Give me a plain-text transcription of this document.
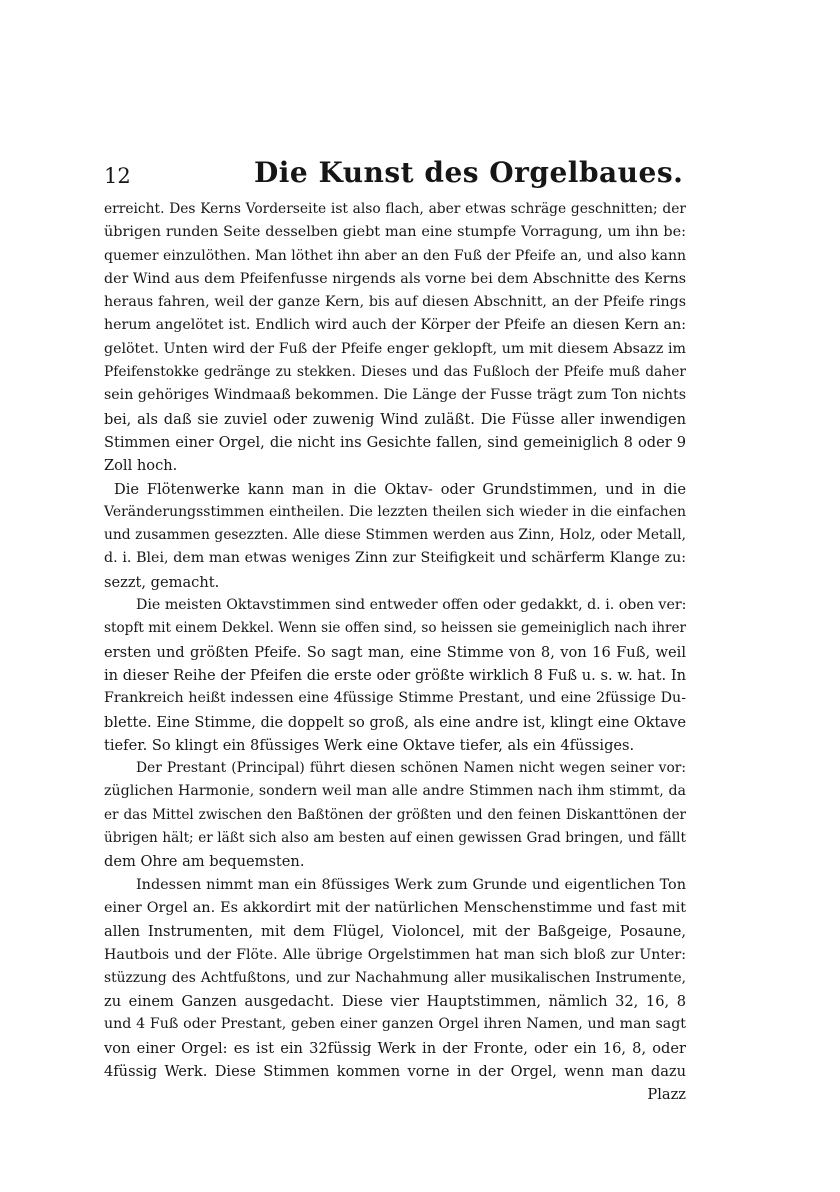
12	Die Kunst des Orgelbaues.
erreicht. Des Kerns Vorderseite ist also flach, aber etwas schräge geschnitten; der
übrigen runden Seite desselben giebt man eine stumpfe Vorragung, um ihn be:
quemer einzulöthen. Man löthet ihn aber an den Fuß der Pfeife an, und also kann
der Wind aus dem Pfeifenfusse nirgends als vorne bei dem Abschnitte des Kerns
heraus fahren, weil der ganze Kern, bis auf diesen Abschnitt, an der Pfeife rings
herum angelötet ist. Endlich wird auch der Körper der Pfeife an diesen Kern an:
gelötet. Unten wird der Fuß der Pfeife enger geklopft, um mit diesem Absazz im
Pfeifenstokke gedränge zu stekken. Dieses und das Fußloch der Pfeife muß daher
sein gehöriges Windmaaß bekommen. Die Länge der Fusse trägt zum Ton nichts
bei, als daß sie zuviel oder zuwenig Wind zuläßt. Die Füsse aller inwendigen
Stimmen einer Orgel, die nicht ins Gesichte fallen, sind gemeiniglich 8 oder 9
Zoll hoch.
Die Flötenwerke kann man in die Oktav- oder Grundstimmen, und in die
Veränderungsstimmen eintheilen. Die lezzten theilen sich wieder in die einfachen
und zusammen gesezzten. Alle diese Stimmen werden aus Zinn, Holz, oder Metall,
d. i. Blei, dem man etwas weniges Zinn zur Steifigkeit und schärferm Klange zu:
sezzt, gemacht.
Die meisten Oktavstimmen sind entweder offen oder gedakkt, d. i. oben ver:
stopft mit einem Dekkel. Wenn sie offen sind, so heissen sie gemeiniglich nach ihrer
ersten und größten Pfeife. So sagt man, eine Stimme von 8, von 16 Fuß, weil
in dieser Reihe der Pfeifen die erste oder größte wirklich 8 Fuß u. s. w. hat. In
Frankreich heißt indessen eine 4füssige Stimme Prestant, und eine 2füssige Du-
blette. Eine Stimme, die doppelt so groß, als eine andre ist, klingt eine Oktave
tiefer. So klingt ein 8füssiges Werk eine Oktave tiefer, als ein 4füssiges.
Der Prestant (Principal) führt diesen schönen Namen nicht wegen seiner vor:
züglichen Harmonie, sondern weil man alle andre Stimmen nach ihm stimmt, da
er das Mittel zwischen den Baßtönen der größten und den feinen Diskanttönen der
übrigen hält; er läßt sich also am besten auf einen gewissen Grad bringen, und fällt
dem Ohre am bequemsten.
Indessen nimmt man ein 8füssiges Werk zum Grunde und eigentlichen Ton
einer Orgel an. Es akkordirt mit der natürlichen Menschenstimme und fast mit
allen Instrumenten, mit dem Flügel, Violoncel, mit der Baßgeige, Posaune,
Hautbois und der Flöte. Alle übrige Orgelstimmen hat man sich bloß zur Unter:
stüzzung des Achtfußtons, und zur Nachahmung aller musikalischen Instrumente,
zu einem Ganzen ausgedacht. Diese vier Hauptstimmen, nämlich 32, 16, 8
und 4 Fuß oder Prestant, geben einer ganzen Orgel ihren Namen, und man sagt
von einer Orgel: es ist ein 32füssig Werk in der Fronte, oder ein 16, 8, oder
4füssig Werk. Diese Stimmen kommen vorne in der Orgel, wenn man dazu
Plazz
